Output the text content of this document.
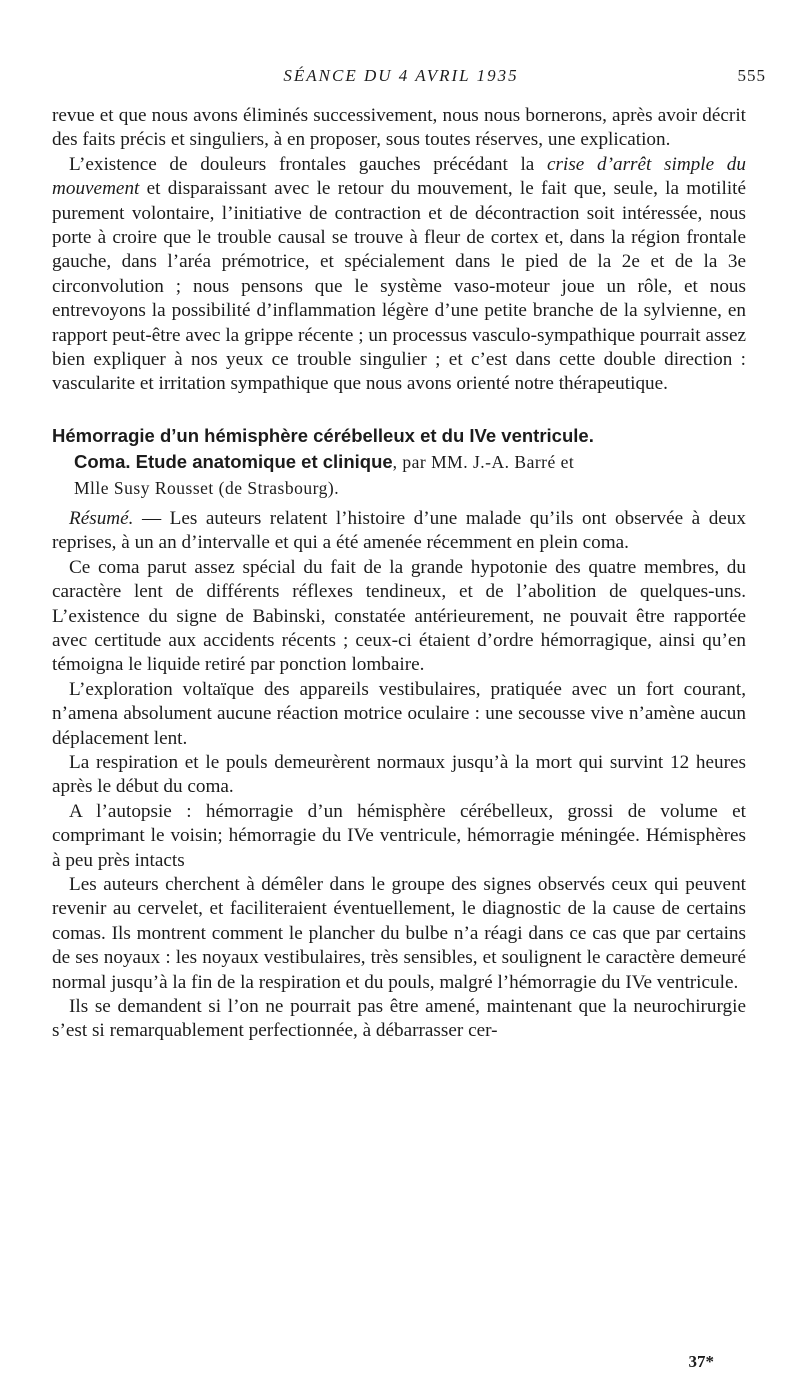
SÉANCE DU 4 AVRIL 1935	555

revue et que nous avons éliminés successivement, nous nous bornerons, après avoir décrit des faits précis et singuliers, à en proposer, sous toutes réserves, une explication.

L’existence de douleurs frontales gauches précédant la crise d’arrêt simple du mouvement et disparaissant avec le retour du mouvement, le fait que, seule, la motilité purement volontaire, l’initiative de contraction et de décontraction soit intéressée, nous porte à croire que le trouble causal se trouve à fleur de cortex et, dans la région frontale gauche, dans l’aréa prémotrice, et spécialement dans le pied de la 2e et de la 3e circonvolution ; nous pensons que le système vaso-moteur joue un rôle, et nous entrevoyons la possibilité d’inflammation légère d’une petite branche de la sylvienne, en rapport peut-être avec la grippe récente ; un processus vasculo-sympathique pourrait assez bien expliquer à nos yeux ce trouble singulier ; et c’est dans cette double direction : vascularite et irritation sympathique que nous avons orienté notre thérapeutique.

Hémorragie d’un hémisphère cérébelleux et du IVe ventricule.
Coma. Etude anatomique et clinique, par MM. J.-A. Barré et
Mlle Susy Rousset (de Strasbourg).

Résumé. — Les auteurs relatent l’histoire d’une malade qu’ils ont observée à deux reprises, à un an d’intervalle et qui a été amenée récemment en plein coma.

Ce coma parut assez spécial du fait de la grande hypotonie des quatre membres, du caractère lent de différents réflexes tendineux, et de l’abolition de quelques-uns. L’existence du signe de Babinski, constatée antérieurement, ne pouvait être rapportée avec certitude aux accidents récents ; ceux-ci étaient d’ordre hémorragique, ainsi qu’en témoigna le liquide retiré par ponction lombaire.

L’exploration voltaïque des appareils vestibulaires, pratiquée avec un fort courant, n’amena absolument aucune réaction motrice oculaire : une secousse vive n’amène aucun déplacement lent.

La respiration et le pouls demeurèrent normaux jusqu’à la mort qui survint 12 heures après le début du coma.

A l’autopsie : hémorragie d’un hémisphère cérébelleux, grossi de volume et comprimant le voisin; hémorragie du IVe ventricule, hémorragie méningée. Hémisphères à peu près intacts

Les auteurs cherchent à démêler dans le groupe des signes observés ceux qui peuvent revenir au cervelet, et faciliteraient éventuellement, le diagnostic de la cause de certains comas. Ils montrent comment le plancher du bulbe n’a réagi dans ce cas que par certains de ses noyaux : les noyaux vestibulaires, très sensibles, et soulignent le caractère demeuré normal jusqu’à la fin de la respiration et du pouls, malgré l’hémorragie du IVe ventricule.

Ils se demandent si l’on ne pourrait pas être amené, maintenant que la neurochirurgie s’est si remarquablement perfectionnée, à débarrasser cer-

37*
